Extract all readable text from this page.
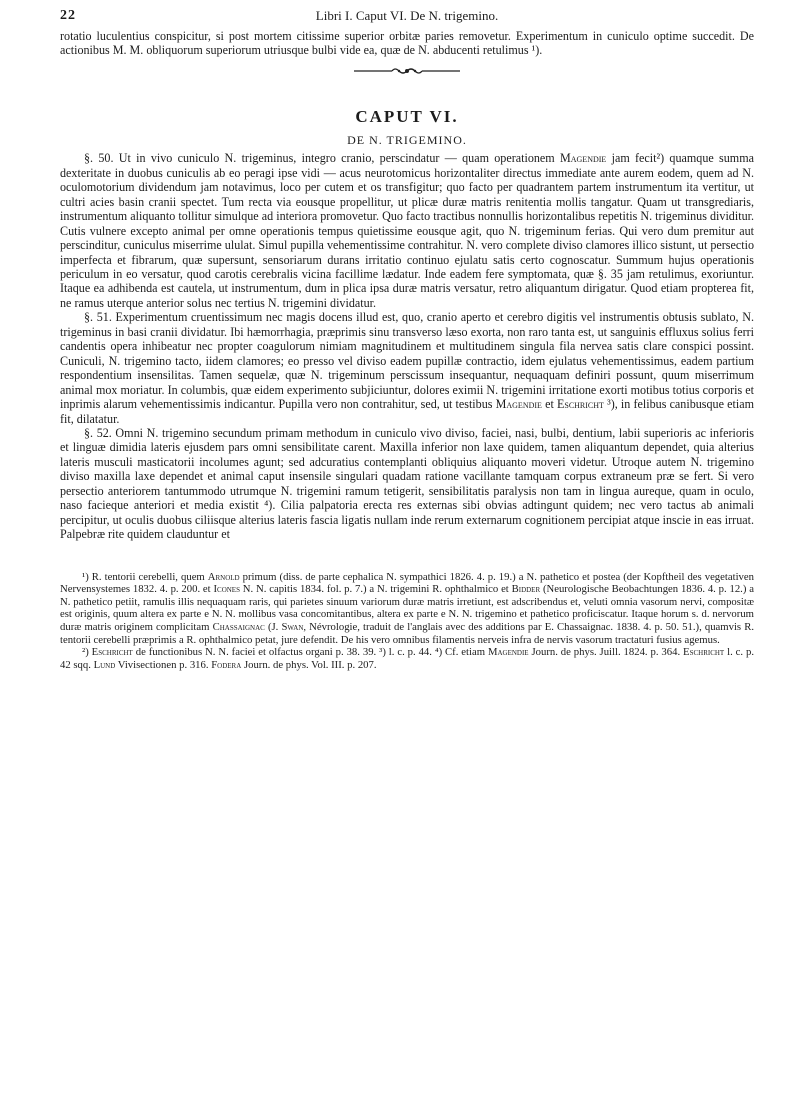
22	Libri I. Caput VI. De N. trigemino.

rotatio luculentius conspicitur, si post mortem citissime superior orbitæ paries removetur. Experimentum in cuniculo optime succedit. De actionibus M. M. obliquorum superiorum utriusque bulbi vide ea, quæ de N. abducenti retulimus ¹).

CAPUT VI.
DE N. TRIGEMINO.

§. 50. Ut in vivo cuniculo N. trigeminus, integro cranio, perscindatur — quam operationem Magendie jam fecit²) quamque summa dexteritate in duobus cuniculis ab eo peragi ipse vidi — acus neurotomicus horizontaliter directus immediate ante aurem eodem, quem ad N. oculomotorium dividendum jam notavimus, loco per cutem et os transfigitur; quo facto per quadrantem partem instrumentum ita vertitur, ut cultri acies basin cranii spectet. Tum recta via eousque propellitur, ut plicæ duræ matris renitentia mollis tangatur. Quam ut transgrediaris, instrumentum aliquanto tollitur simulque ad interiora promovetur. Quo facto tractibus nonnullis horizontalibus repetitis N. trigeminus dividitur. Cutis vulnere excepto animal per omne operationis tempus quietissime eousque agit, quo N. trigeminum ferias. Qui vero dum premitur aut perscinditur, cuniculus miserrime ululat. Simul pupilla vehementissime contrahitur. N. vero complete diviso clamores illico sistunt, ut persectio imperfecta et fibrarum, quæ supersunt, sensoriarum durans irritatio continuo ejulatu satis certo cognoscatur. Summum hujus operationis periculum in eo versatur, quod carotis cerebralis vicina facillime lædatur. Inde eadem fere symptomata, quæ §. 35 jam retulimus, exoriuntur. Itaque ea adhibenda est cautela, ut instrumentum, dum in plica ipsa duræ matris versatur, retro aliquantum dirigatur. Quod etiam propterea fit, ne ramus uterque anterior solus nec tertius N. trigemini dividatur.

§. 51. Experimentum cruentissimum nec magis docens illud est, quo, cranio aperto et cerebro digitis vel instrumentis obtusis sublato, N. trigeminus in basi cranii dividatur. Ibi hæmorrhagia, præprimis sinu transverso læso exorta, non raro tanta est, ut sanguinis effluxus solius ferri candentis opera inhibeatur nec propter coagulorum nimiam magnitudinem et multitudinem singula fila nervea satis clare conspici possint. Cuniculi, N. trigemino tacto, iidem clamores; eo presso vel diviso eadem pupillæ contractio, idem ejulatus vehementissimus, eadem partium respondentium insensilitas. Tamen sequelæ, quæ N. trigeminum perscissum insequantur, nequaquam definiri possunt, quum miserrimum animal mox moriatur. In columbis, quæ eidem experimento subjiciuntur, dolores eximii N. trigemini irritatione exorti motibus totius corporis et inprimis alarum vehementissimis indicantur. Pupilla vero non contrahitur, sed, ut testibus Magendie et Eschricht ³), in felibus canibusque etiam fit, dilatatur.

§. 52. Omni N. trigemino secundum primam methodum in cuniculo vivo diviso, faciei, nasi, bulbi, dentium, labii superioris ac inferioris et linguæ dimidia lateris ejusdem pars omni sensibilitate carent. Maxilla inferior non laxe quidem, tamen aliquantum dependet, quia alterius lateris musculi masticatorii incolumes agunt; sed adcuratius contemplanti obliquius aliquanto moveri videtur. Utroque autem N. trigemino diviso maxilla laxe dependet et animal caput insensile singulari quadam ratione vacillante tamquam corpus extraneum præ se fert. Si vero persectio anteriorem tantummodo utrumque N. trigemini ramum tetigerit, sensibilitatis paralysis non tam in lingua aureque, quam in oculo, naso facieque anteriori et media existit ⁴). Cilia palpatoria erecta res externas sibi obvias adtingunt quidem; nec vero tactus ab animali percipitur, ut oculis duobus ciliisque alterius lateris fascia ligatis nullam inde rerum externarum cognitionem percipiat atque inscie in eas irruat. Palpebræ rite quidem clauduntur et

¹) R. tentorii cerebelli, quem Arnold primum (diss. de parte cephalica N. sympathici 1826. 4. p. 19.) a N. pathetico et postea (der Kopftheil des vegetativen Nervensystemes 1832. 4. p. 200. et Icones N. N. capitis 1834. fol. p. 7.) a N. trigemini R. ophthalmico et Bidder (Neurologische Beobachtungen 1836. 4. p. 12.) a N. pathetico petiit, ramulis illis nequaquam raris, qui parietes sinuum variorum duræ matris irretiunt, est adscribendus et, veluti omnia vasorum nervi, compositæ est originis, quum altera ex parte e N. N. mollibus vasa concomitantibus, altera ex parte e N. N. trigemino et pathetico proficiscatur. Itaque horum s. d. nervorum duræ matris originem complicitam Chassaignac (J. Swan, Névrologie, traduit de l'anglais avec des additions par E. Chassaignac. 1838. 4. p. 50. 51.), quamvis R. tentorii cerebelli præprimis a R. ophthalmico petat, jure defendit. De his vero omnibus filamentis nerveis infra de nervis vasorum tractaturi fusius agemus.

²) Eschricht de functionibus N. N. faciei et olfactus organi p. 38. 39. ³) l. c. p. 44. ⁴) Cf. etiam Magendie Journ. de phys. Juill. 1824. p. 364. Eschricht l. c. p. 42 sqq. Lund Vivisectionen p. 316. Fodera Journ. de phys. Vol. III. p. 207.
